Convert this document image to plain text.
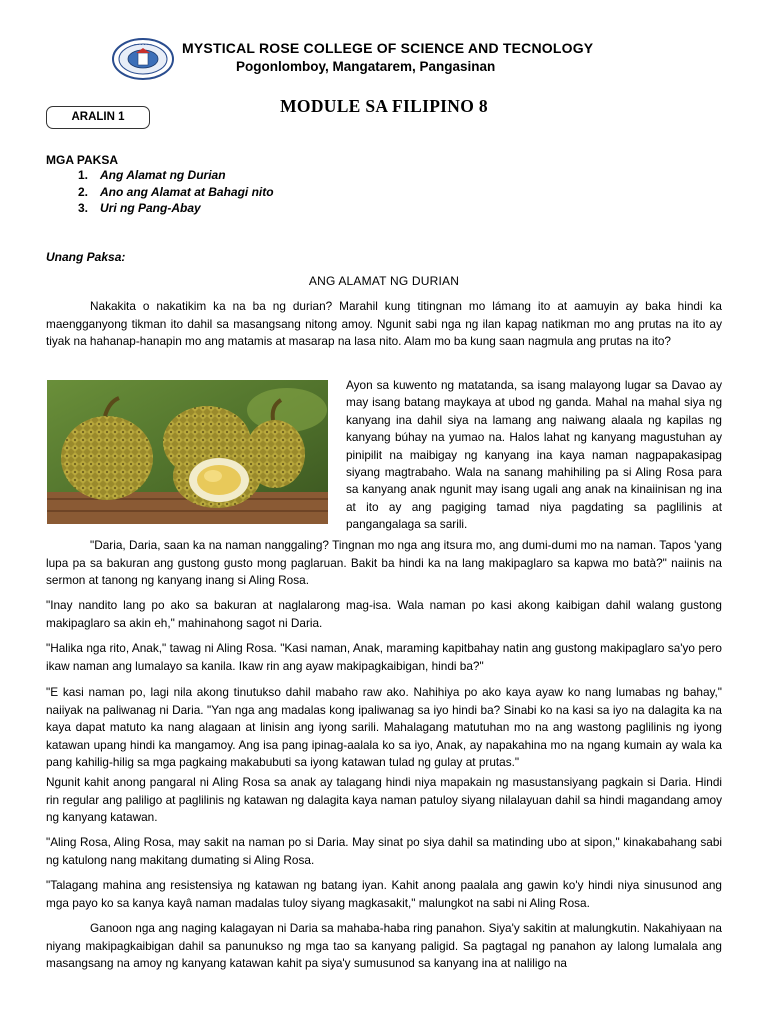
• • • • • • MYSTICAL ROSE COLLEGE OF SCIENCE AND TECNOLOGY
Pogonlomboy, Mangatarem, Pangasinan
ARALIN 1
MODULE SA FILIPINO 8
MGA PAKSA
1. Ang Alamat ng Durian
2. Ano ang Alamat at Bahagi nito
3. Uri ng Pang-Abay
Unang Paksa:
ANG ALAMAT NG DURIAN

Nakakita o nakatikim ka na ba ng durian? Marahil kung titingnan mo lámang ito at aamuyin ay baka hindi ka maengganyong tikman ito dahil sa masangsang nitong amoy. Ngunit sabi nga ng ilan kapag natikman mo ang prutas na ito ay tiyak na hahanap-hanapin mo ang matamis at masarap na lasa nito. Alam mo ba kung saan nagmula ang prutas na ito?

Ayon sa kuwento ng matatanda, sa isang malayong lugar sa Davao ay may isang batang maykaya at ubod ng ganda. Mahal na mahal siya ng kanyang ina dahil siya na lamang ang naiwang alaala ng kapilas ng kanyang búhay na yumao na. Halos lahat ng kanyang magustuhan ay pinipilit na maibigay ng kanyang ina kaya naman nagpapakasipag siyang magtrabaho. Wala na sanang mahihiling pa si Aling Rosa para sa kanyang anak ngunit may isang ugali ang anak na kinaiinisan ng ina at ito ay ang pagiging tamad niya pagdating sa paglilinis at pangangalaga sa sarili.

"Daria, Daria, saan ka na naman nanggaling? Tingnan mo nga ang itsura mo, ang dumi-dumi mo na naman. Tapos 'yang lupa pa sa bakuran ang gustong gusto mong paglaruan. Bakit ba hindi ka na lang makipaglaro sa kapwa mo batà?" naiinis na sermon at tanong ng kanyang inang si Aling Rosa.

"Inay nandito lang po ako sa bakuran at naglalarong mag-isa. Wala naman po kasi akong kaibigan dahil walang gustong makipaglaro sa akin eh," mahinahong sagot ni Daria.

"Halika nga rito, Anak," tawag ni Aling Rosa. "Kasi naman, Anak, maraming kapitbahay natin ang gustong makipaglaro sa'yo pero ikaw naman ang lumalayo sa kanila. Ikaw rin ang ayaw makipagkaibigan, hindi ba?"

"E kasi naman po, lagi nila akong tinutukso dahil mabaho raw ako. Nahihiya po ako kaya ayaw ko nang lumabas ng bahay," naiiyak na paliwanag ni Daria. "Yan nga ang madalas kong ipaliwanag sa iyo hindi ba? Sinabi ko na kasi sa iyo na dalagita ka na kaya dapat matuto ka nang alagaan at linisin ang iyong sarili. Mahalagang matutuhan mo na ang wastong paglilinis ng iyong katawan upang hindi ka mangamoy. Ang isa pang ipinag-aalala ko sa iyo, Anak, ay napakahina mo na ngang kumain ay wala ka pang kahilig-hilig sa mga pagkaing makabubuti sa iyong katawan tulad ng gulay at prutas."

Ngunit kahit anong pangaral ni Aling Rosa sa anak ay talagang hindi niya mapakain ng masustansiyang pagkain si Daria. Hindi rin regular ang paliligo at paglilinis ng katawan ng dalagita kaya naman patuloy siyang nilalayuan dahil sa hindi magandang amoy ng kanyang katawan.

"Aling Rosa, Aling Rosa, may sakit na naman po si Daria. May sinat po siya dahil sa matinding ubo at sipon," kinakabahang sabi ng katulong nang makitang dumating si Aling Rosa.

"Talagang mahina ang resistensiya ng katawan ng batang iyan. Kahit anong paalala ang gawin ko'y hindi niya sinusunod ang mga payo ko sa kanya kayâ naman madalas tuloy siyang magkasakit," malungkot na sabi ni Aling Rosa.

Ganoon nga ang naging kalagayan ni Daria sa mahaba-haba ring panahon. Siya'y sakitin at malungkutin. Nakahiyaan na niyang makipagkaibigan dahil sa panunukso ng mga tao sa kanyang paligid. Sa pagtagal ng panahon ay lalong lumalala ang masangsang na amoy ng kanyang katawan kahit pa siya'y sumusunod sa kanyang ina at naliligo na
